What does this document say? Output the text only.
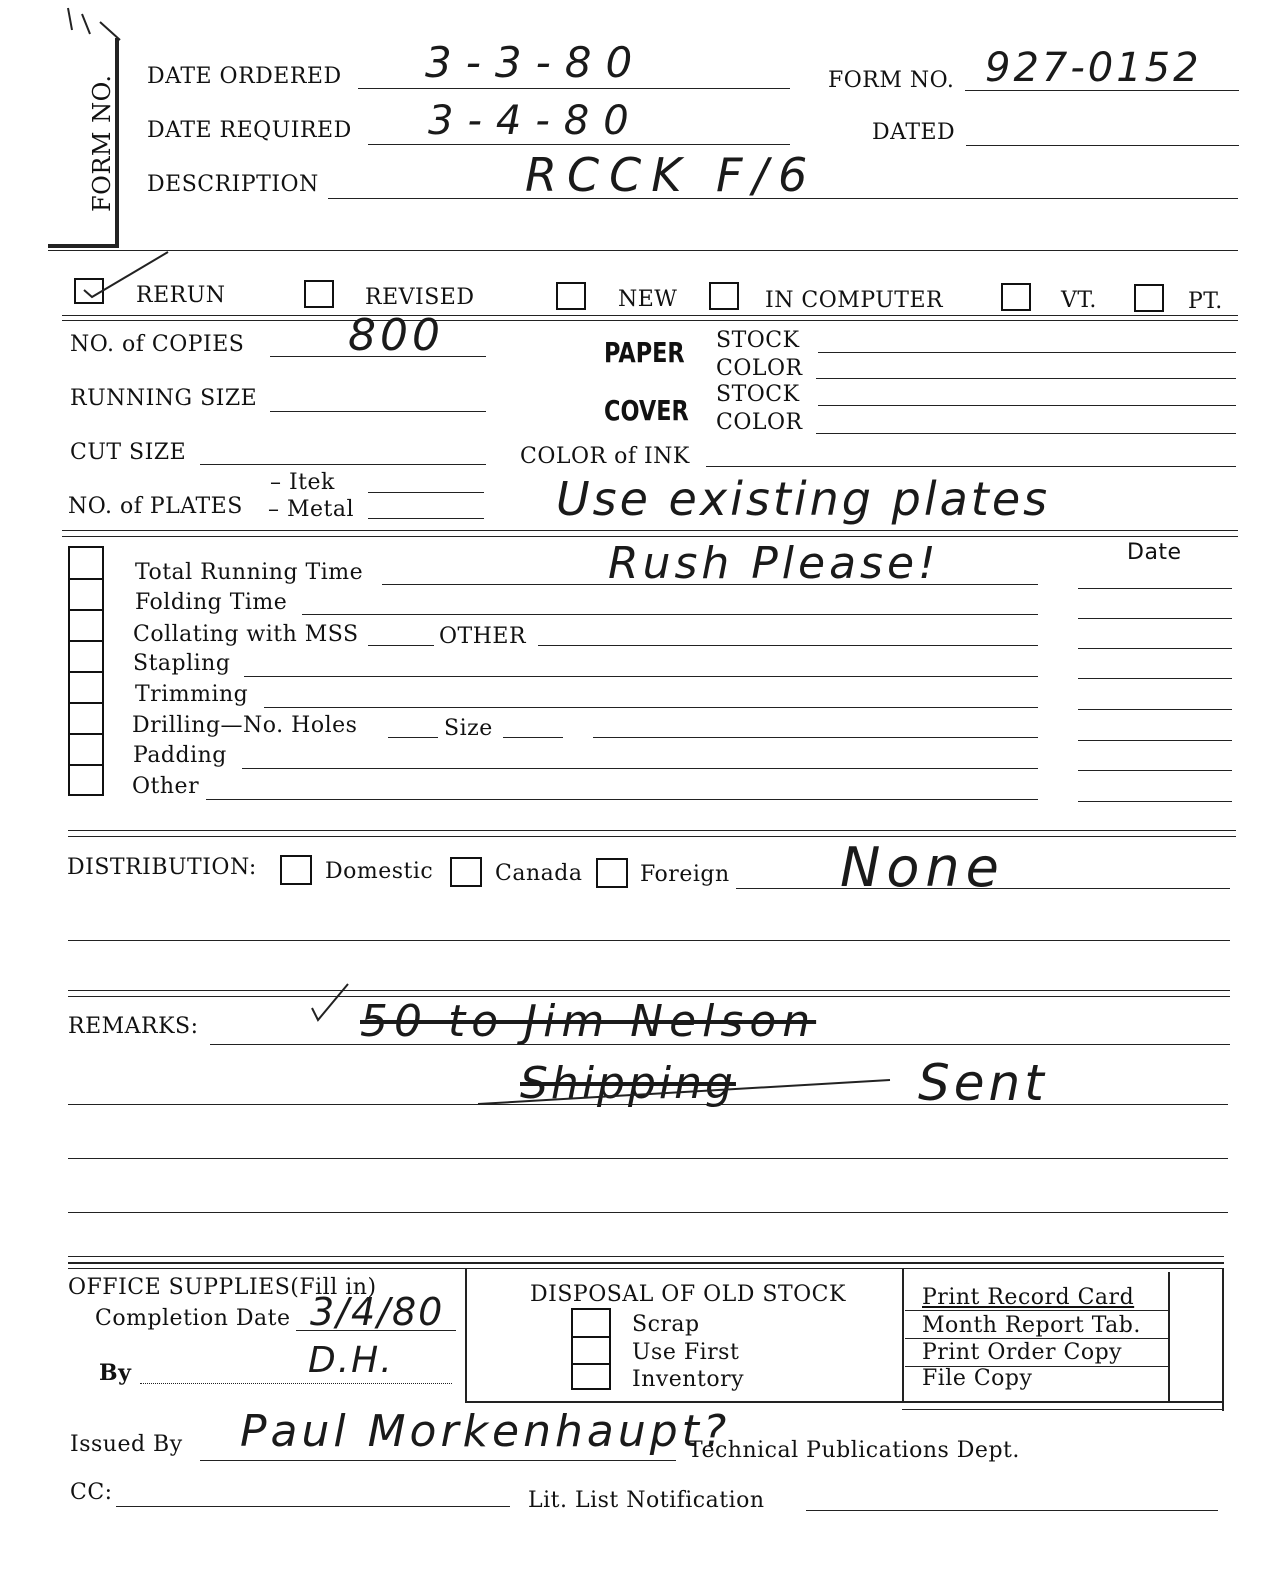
FORM NO. DATE ORDERED 3-3-80	FORM NO. 927-0152
DATE REQUIRED 3-4-80	DATED
DESCRIPTION	RCCK F/6
RERUN	REVISED	NEW	IN COMPUTER	VT.	PT.
NO. of COPIES 800	PAPER STOCK
COLOR
RUNNING SIZE	COVER STOCK
COLOR
CUT SIZE	COLOR of INK
– Itek
NO. of PLATES – Metal	Use existing plates
Date
Total Running Time	Rush Please!
Folding Time
Collating with MSS	OTHER
Stapling
Trimming
Drilling—No. Holes	Size
Padding
Other
DISTRIBUTION:	Domestic	Canada	Foreign None
REMARKS:	50 to Jim Nelson
Shipping	Sent
OFFICE SUPPLIES(Fill in)
Completion Date 3/4/80
By	D.H.
DISPOSAL OF OLD STOCK
Scrap
Use First
Inventory
Print Record Card
Month Report Tab.
Print Order Copy
File Copy
Issued By Paul Morkenhaupt?
Technical Publications Dept.
CC:	Lit. List Notification
